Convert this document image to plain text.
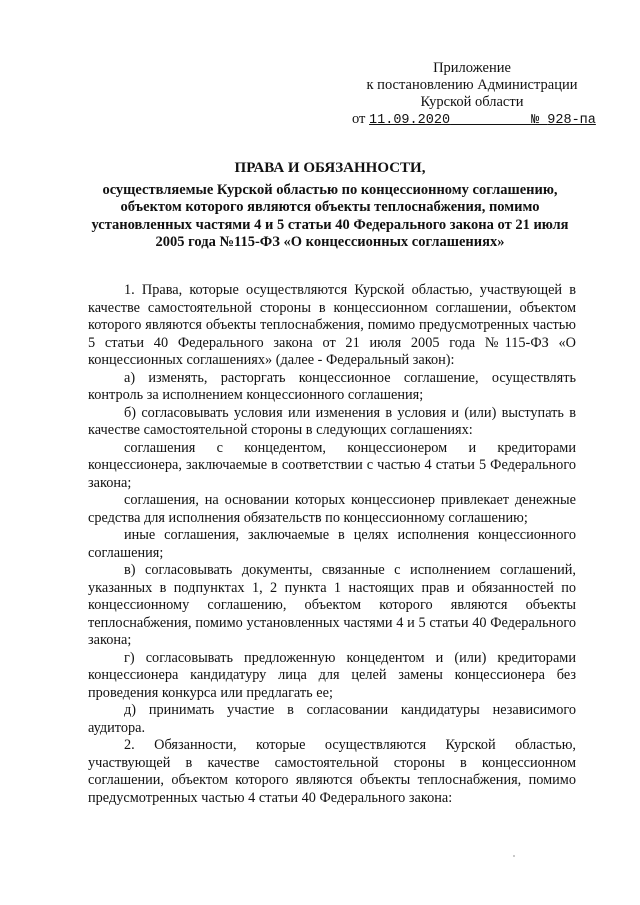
Приложение
к постановлению Администрации
Курской области
от 11.09.2020	№ 928-па
ПРАВА И ОБЯЗАННОСТИ,
осуществляемые Курской областью по концессионному соглашению, объектом которого являются объекты теплоснабжения, помимо установленных частями 4 и 5 статьи 40 Федерального закона от 21 июля 2005 года №115-ФЗ «О концессионных соглашениях»

1. Права, которые осуществляются Курской областью, участвующей в качестве самостоятельной стороны в концессионном соглашении, объектом которого являются объекты теплоснабжения, помимо предусмотренных частью 5 статьи 40 Федерального закона от 21 июля 2005 года №115-ФЗ «О концессионных соглашениях» (далее - Федеральный закон):

а) изменять, расторгать концессионное соглашение, осуществлять контроль за исполнением концессионного соглашения;

б) согласовывать условия или изменения в условия и (или) выступать в качестве самостоятельной стороны в следующих соглашениях:

соглашения с концедентом, концессионером и кредиторами концессионера, заключаемые в соответствии с частью 4 статьи 5 Федерального закона;

соглашения, на основании которых концессионер привлекает денежные средства для исполнения обязательств по концессионному соглашению;

иные соглашения, заключаемые в целях исполнения концессионного соглашения;

в) согласовывать документы, связанные с исполнением соглашений, указанных в подпунктах 1, 2 пункта 1 настоящих прав и обязанностей по концессионному соглашению, объектом которого являются объекты теплоснабжения, помимо установленных частями 4 и 5 статьи 40 Федерального закона;

г) согласовывать предложенную концедентом и (или) кредиторами концессионера кандидатуру лица для целей замены концессионера без проведения конкурса или предлагать ее;

д) принимать участие в согласовании кандидатуры независимого аудитора.

2. Обязанности, которые осуществляются Курской областью, участвующей в качестве самостоятельной стороны в концессионном соглашении, объектом которого являются объекты теплоснабжения, помимо предусмотренных частью 4 статьи 40 Федерального закона:
